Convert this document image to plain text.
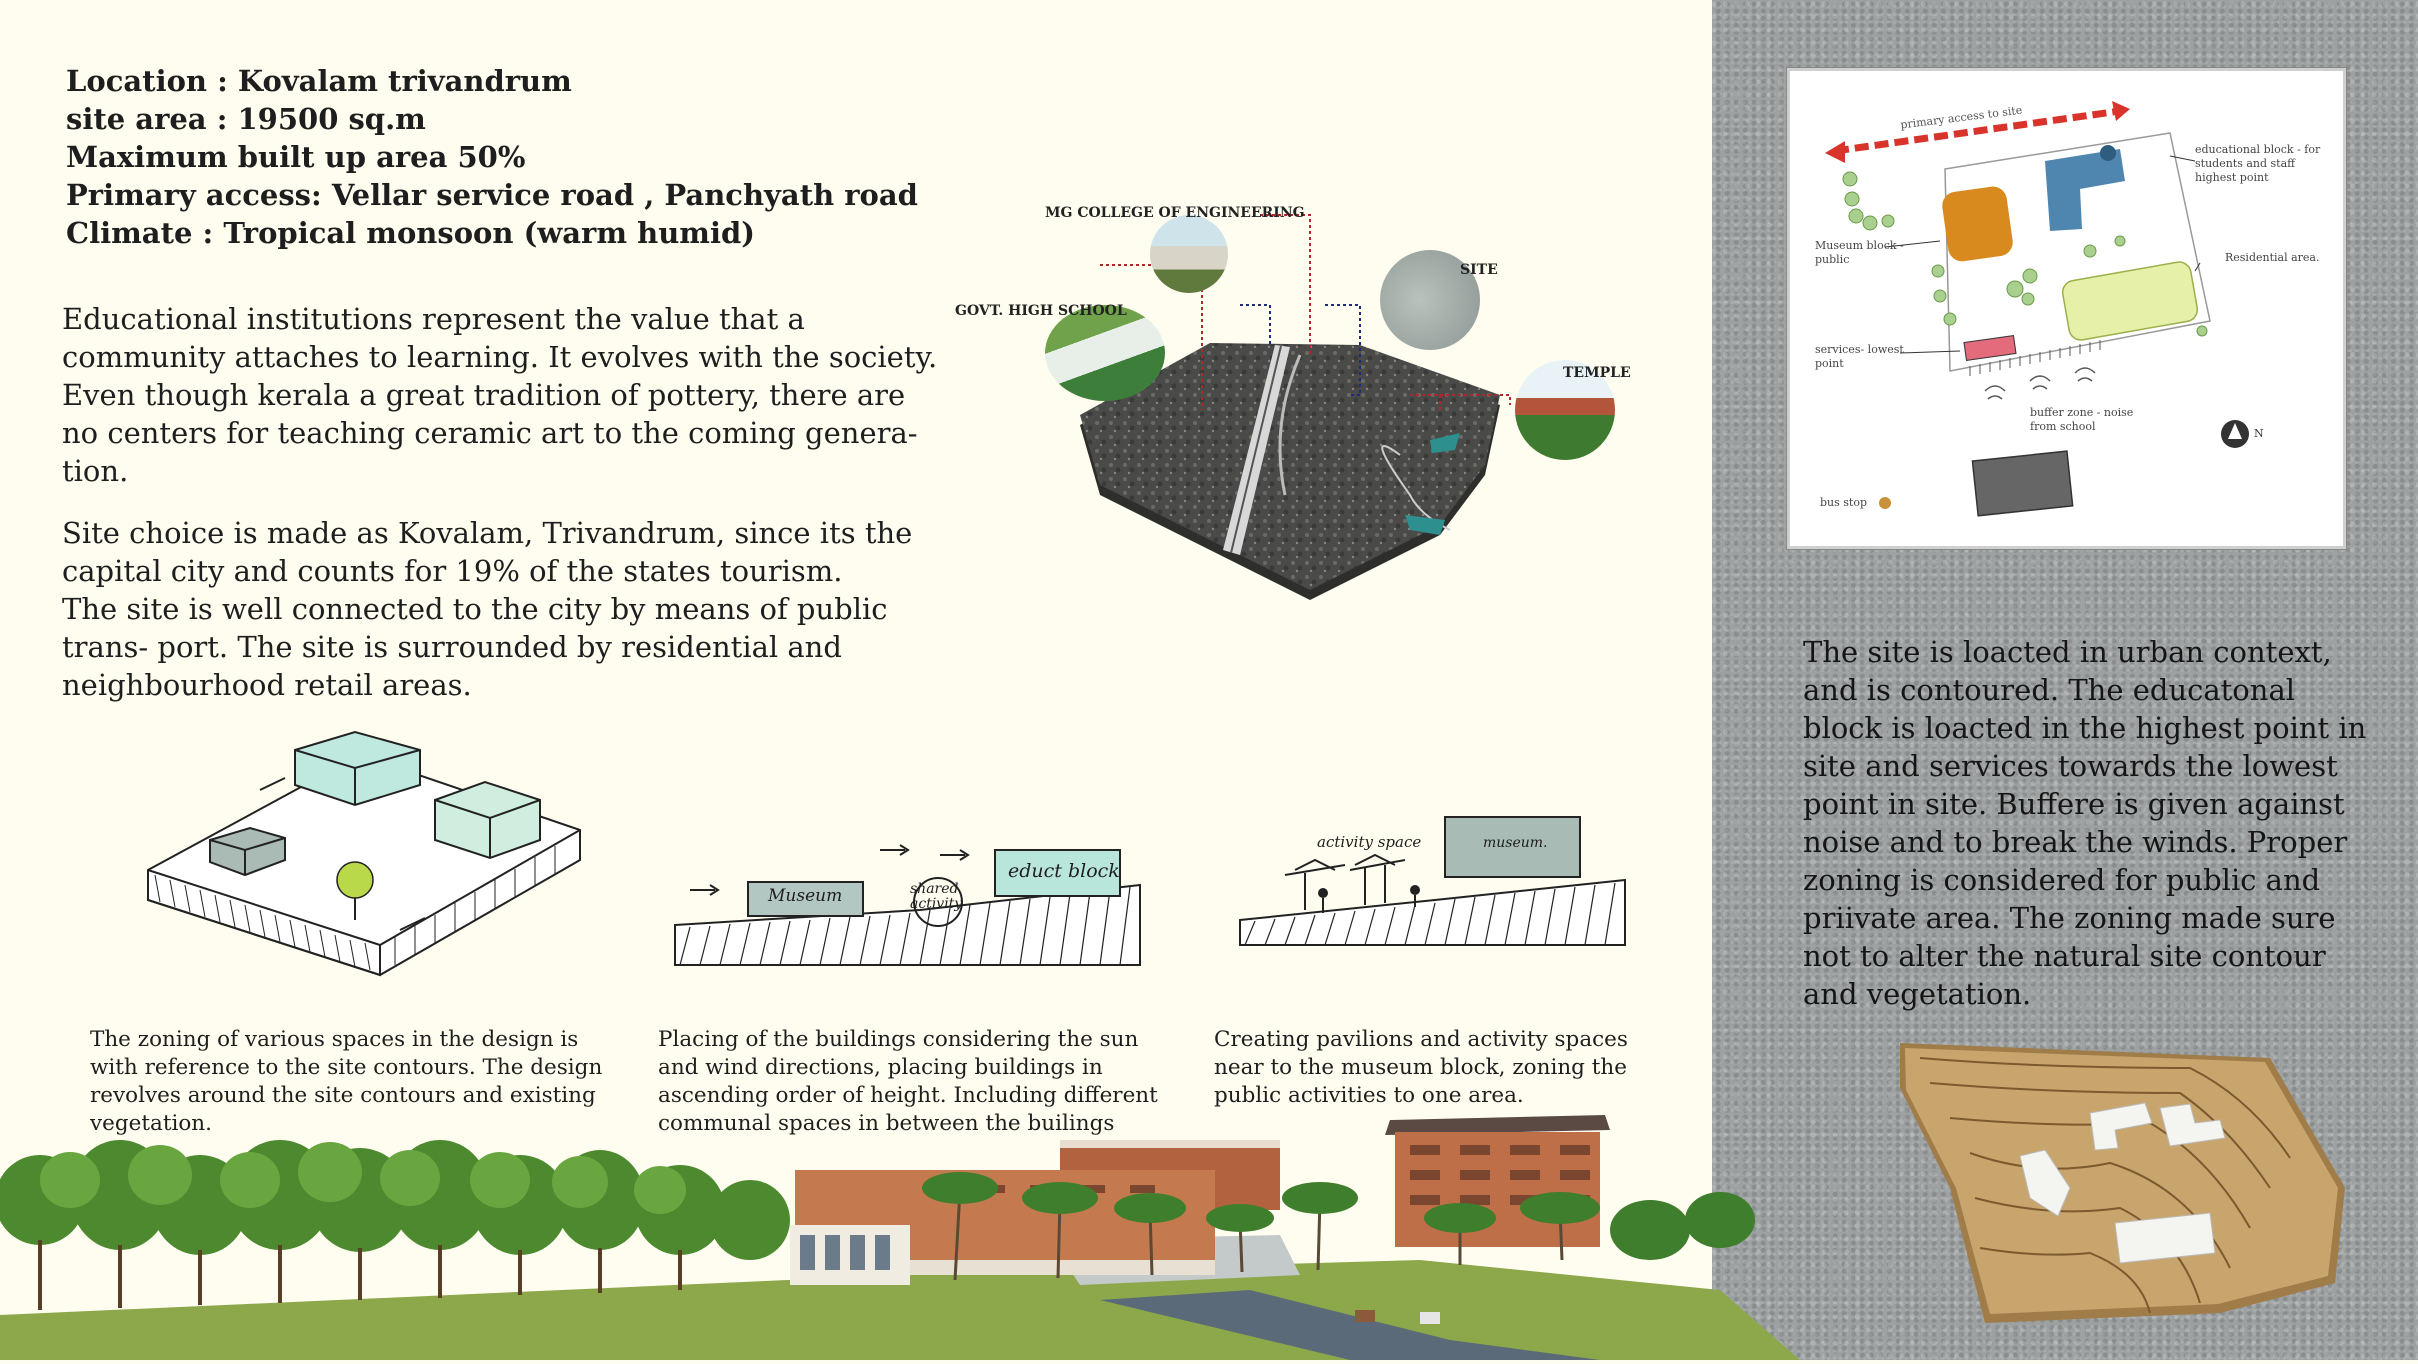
Location : Kovalam trivandrum
site area : 19500 sq.m
Maximum built up area 50%
Primary access: Vellar service road , Panchyath road
Climate : Tropical monsoon (warm humid)
Educational institutions represent the value that a community attaches to learning. It evolves with the society. Even though kerala a great tradition of pottery, there are no centers for teaching ceramic art to the coming genera- tion.
Site choice is made as Kovalam, Trivandrum, since its the capital city and counts for 19% of the states tourism.
The site is well connected to the city by means of public trans- port. The site is surrounded by residential and neighbourhood retail areas.
MG COLLEGE OF ENGINEERING
GOVT. HIGH SCHOOL
SITE
TEMPLE
Museum	shared activity
educt block
activity space	museum.
The zoning of various spaces in the design is with reference to the site contours. The design revolves around the site contours and existing vegetation.
Placing of the buildings considering the sun and wind directions, placing buildings in ascending order of height. Including different communal spaces in between the builings
Creating pavilions and activity spaces near to the museum block, zoning the public activities to one area.
primary access to site
educational block - for students and staff highest point
Museum block - public	Residential area.
services- lowest point
buffer zone - noise from school
bus stop
N
The site is loacted in urban context, and is contoured. The educatonal block is loacted in the highest point in site and services towards the lowest point in site. Buffere is given against noise and to break the winds. Proper zoning is considered for public and priivate area. The zoning made sure not to alter the natural site contour and vegetation.
